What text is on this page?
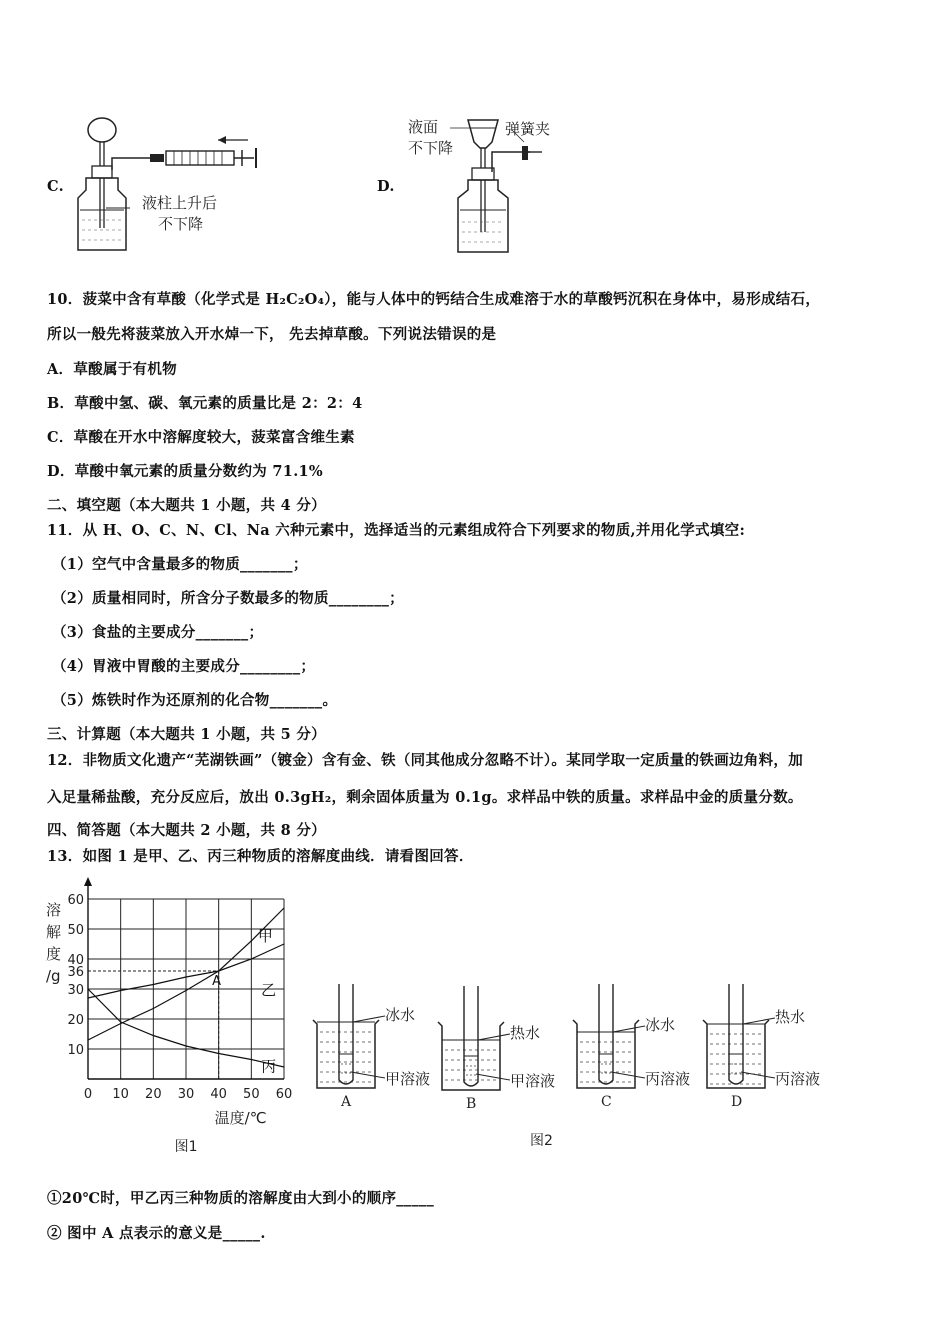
C.
液柱上升后
不下降
D.
液面
不下降
弹簧夹
10．菠菜中含有草酸（化学式是 H₂C₂O₄），能与人体中的钙结合生成难溶于水的草酸钙沉积在身体中，易形成结石，
所以一般先将菠菜放入开水焯一下， 先去掉草酸。下列说法错误的是
A．草酸属于有机物
B．草酸中氢、碳、氧元素的质量比是 2：2：4
C．草酸在开水中溶解度较大，菠菜富含维生素
D．草酸中氧元素的质量分数约为 71.1%
二、填空题（本大题共 1 小题，共 4 分）
11．从 H、O、C、N、Cl、Na 六种元素中，选择适当的元素组成符合下列要求的物质,并用化学式填空:
（1）空气中含量最多的物质_______；
（2）质量相同时，所含分子数最多的物质________；
（3）食盐的主要成分_______；
（4）胃液中胃酸的主要成分________；
（5）炼铁时作为还原剂的化合物_______。
三、计算题（本大题共 1 小题，共 5 分）
12．非物质文化遗产“芜湖铁画”（镀金）含有金、铁（同其他成分忽略不计）。某同学取一定质量的铁画边角料，加
入足量稀盐酸，充分反应后，放出 0.3gH₂，剩余固体质量为 0.1g。求样品中铁的质量。求样品中金的质量分数。
四、简答题（本大题共 2 小题，共 8 分）
13．如图 1 是甲、乙、丙三种物质的溶解度曲线．请看图回答．
0 10 20 30 40 50 60
10
20
30
36
40
50
60
溶
解
度
/g
温度/℃
图1
甲
乙
丙
A
冰水
甲溶液
A
热水
甲溶液
B
冰水
丙溶液
C
热水
丙溶液
D
图2
①20℃时，甲乙丙三种物质的溶解度由大到小的顺序_____
② 图中 A 点表示的意义是_____.
